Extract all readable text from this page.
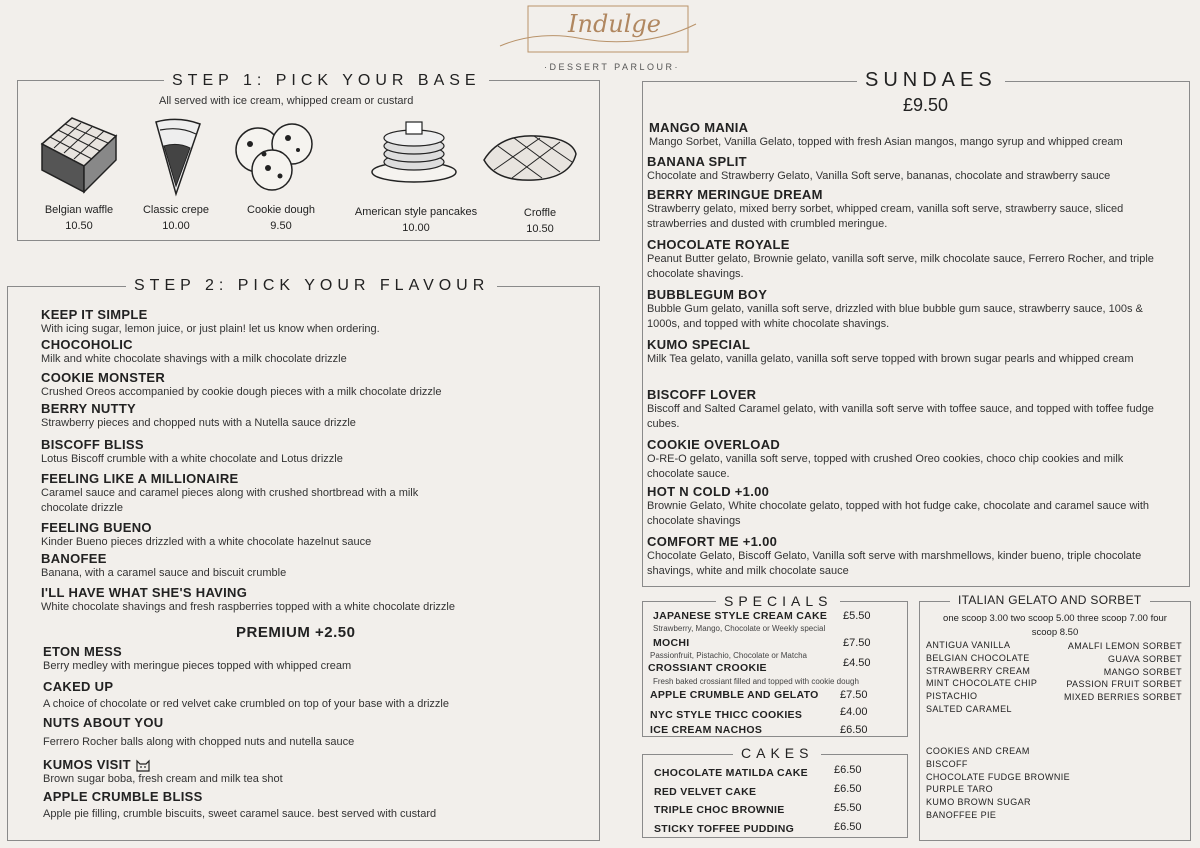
Indulge
·DESSERT PARLOUR·
STEP 1: PICK YOUR BASE
All served with ice cream, whipped cream or custard
Belgian waffle
10.50
Classic crepe
10.00
Cookie dough
9.50
American style pancakes
10.00
Croffle
10.50
STEP 2: PICK YOUR FLAVOUR
KEEP IT SIMPLE
With icing sugar, lemon juice, or just plain! let us know when ordering.
CHOCOHOLIC
Milk and white chocolate shavings with a milk chocolate drizzle
COOKIE MONSTER
Crushed Oreos accompanied by cookie dough pieces with a milk chocolate drizzle
BERRY NUTTY
Strawberry pieces and chopped nuts with a Nutella sauce drizzle
BISCOFF BLISS
Lotus Biscoff crumble with a white chocolate and Lotus drizzle
FEELING LIKE A MILLIONAIRE
Caramel sauce and caramel pieces along with crushed shortbread with a milk chocolate drizzle
FEELING BUENO
Kinder Bueno pieces drizzled with a white chocolate hazelnut sauce
BANOFEE
Banana, with a caramel sauce and biscuit crumble
I'LL HAVE WHAT SHE'S HAVING
White chocolate shavings and fresh raspberries topped with a white chocolate drizzle
PREMIUM +2.50
ETON MESS
Berry medley with meringue pieces topped with whipped cream
CAKED UP
A choice of chocolate or red velvet cake crumbled on top of your base with a drizzle
NUTS ABOUT YOU
Ferrero Rocher balls along with chopped nuts and nutella sauce
KUMOS VISIT
Brown sugar boba, fresh cream and milk tea shot
APPLE CRUMBLE BLISS
Apple pie filling, crumble biscuits, sweet caramel sauce. best served with custard
SUNDAES
£9.50
MANGO MANIA
Mango Sorbet, Vanilla Gelato, topped with fresh Asian mangos, mango syrup and whipped cream
BANANA SPLIT
Chocolate and Strawberry Gelato, Vanilla Soft serve, bananas, chocolate and strawberry sauce
BERRY MERINGUE DREAM
Strawberry gelato, mixed berry sorbet, whipped cream, vanilla soft serve, strawberry sauce, sliced strawberries and dusted with crumbled meringue.
CHOCOLATE ROYALE
Peanut Butter gelato, Brownie gelato, vanilla soft serve, milk chocolate sauce, Ferrero Rocher, and triple chocolate shavings.
BUBBLEGUM BOY
Bubble Gum gelato, vanilla soft serve, drizzled with blue bubble gum sauce, strawberry sauce, 100s & 1000s, and topped with white chocolate shavings.
KUMO SPECIAL
Milk Tea gelato, vanilla gelato, vanilla soft serve topped with brown sugar pearls and whipped cream
BISCOFF LOVER
Biscoff and Salted Caramel gelato, with vanilla soft serve with toffee sauce, and topped with toffee fudge cubes.
COOKIE OVERLOAD
O-RE-O gelato, vanilla soft serve, topped with crushed Oreo cookies, choco chip cookies and milk chocolate sauce.
HOT N COLD +1.00
Brownie Gelato, White chocolate gelato, topped with hot fudge cake, chocolate and caramel sauce with chocolate shavings
COMFORT ME +1.00
Chocolate Gelato, Biscoff Gelato, Vanilla soft serve with marshmellows, kinder bueno, triple chocolate shavings, white and milk chocolate sauce
SPECIALS
JAPANESE STYLE CREAM CAKE £5.50
Strawberry, Mango, Chocolate or Weekly special
MOCHI	£7.50
Passionfruit, Pistachio, Chocolate or Matcha
CROSSIANT CROOKIE	£4.50
Fresh baked crossiant filled and topped with cookie dough
APPLE CRUMBLE AND GELATO £7.50
NYC STYLE THICC COOKIES	£4.00
ICE CREAM NACHOS	£6.50
CAKES
CHOCOLATE MATILDA CAKE £6.50
RED VELVET CAKE	£6.50
TRIPLE CHOC BROWNIE	£5.50
STICKY TOFFEE PUDDING	£6.50
ITALIAN GELATO AND SORBET
one scoop 3.00 two scoop 5.00 three scoop 7.00 four
scoop 8.50
ANTIGUA VANILLA
BELGIAN CHOCOLATE
STRAWBERRY CREAM
MINT CHOCOLATE CHIP
PISTACHIO
SALTED CARAMEL
AMALFI LEMON SORBET
GUAVA SORBET
MANGO SORBET
PASSION FRUIT SORBET
MIXED BERRIES SORBET
COOKIES AND CREAM
BISCOFF
CHOCOLATE FUDGE BROWNIE
PURPLE TARO
KUMO BROWN SUGAR
BANOFFEE PIE
